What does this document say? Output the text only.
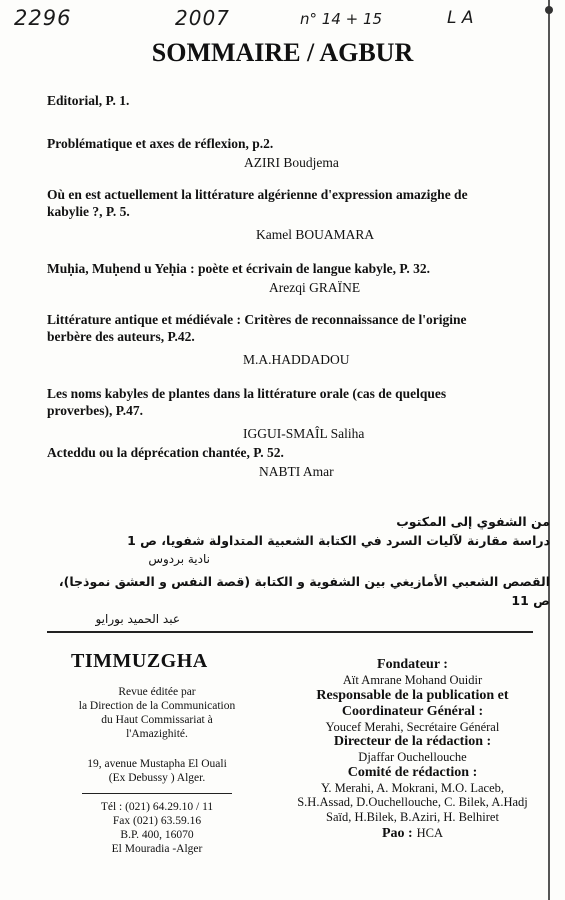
2296	2007	n° 14 + 15	L A
SOMMAIRE / AGBUR
Editorial, P. 1.
Problématique et axes de réflexion, p.2.
AZIRI Boudjema
Où en est actuellement la littérature algérienne d'expression amazighe de
kabylie ?, P. 5.
Kamel BOUAMARA
Muḥia, Muḥend u Yeḥia : poète et écrivain de langue kabyle, P. 32.
Arezqi GRAÏNE
Littérature antique et médiévale : Critères de reconnaissance de l'origine
berbère des auteurs, P.42.
M.A.HADDADOU
Les noms kabyles de plantes dans la littérature orale (cas de quelques
proverbes), P.47.
IGGUI-SMAÎL Saliha
Acteddu ou la déprécation chantée, P. 52.
NABTI Amar
من الشفوي إلى المكتوب
دراسة مقارنة لآليات السرد في الكتابة الشعبية المتداولة شفويا، ص 1
نادية بردوس
القصص الشعبي الأمازيغي بين الشفوية و الكتابة (قصة النفس و العشق نموذجا)، ص 11
عبد الحميد بورايو
TIMMUZGHA
Revue éditée par
la Direction de la Communication
du Haut Commissariat à
l'Amazighité.
19, avenue Mustapha El Ouali
(Ex Debussy ) Alger.
Tél : (021) 64.29.10 / 11
Fax (021) 63.59.16
B.P. 400, 16070
El Mouradia -Alger
Fondateur :
Aït Amrane Mohand Ouidir
Responsable de la publication et
Coordinateur Général :
Youcef Merahi, Secrétaire Général
Directeur de la rédaction :
Djaffar Ouchellouche
Comité de rédaction :
Y. Merahi, A. Mokrani, M.O. Laceb,
S.H.Assad, D.Ouchellouche, C. Bilek, A.Hadj
Saïd, H.Bilek, B.Aziri, H. Belhiret
Pao : HCA
